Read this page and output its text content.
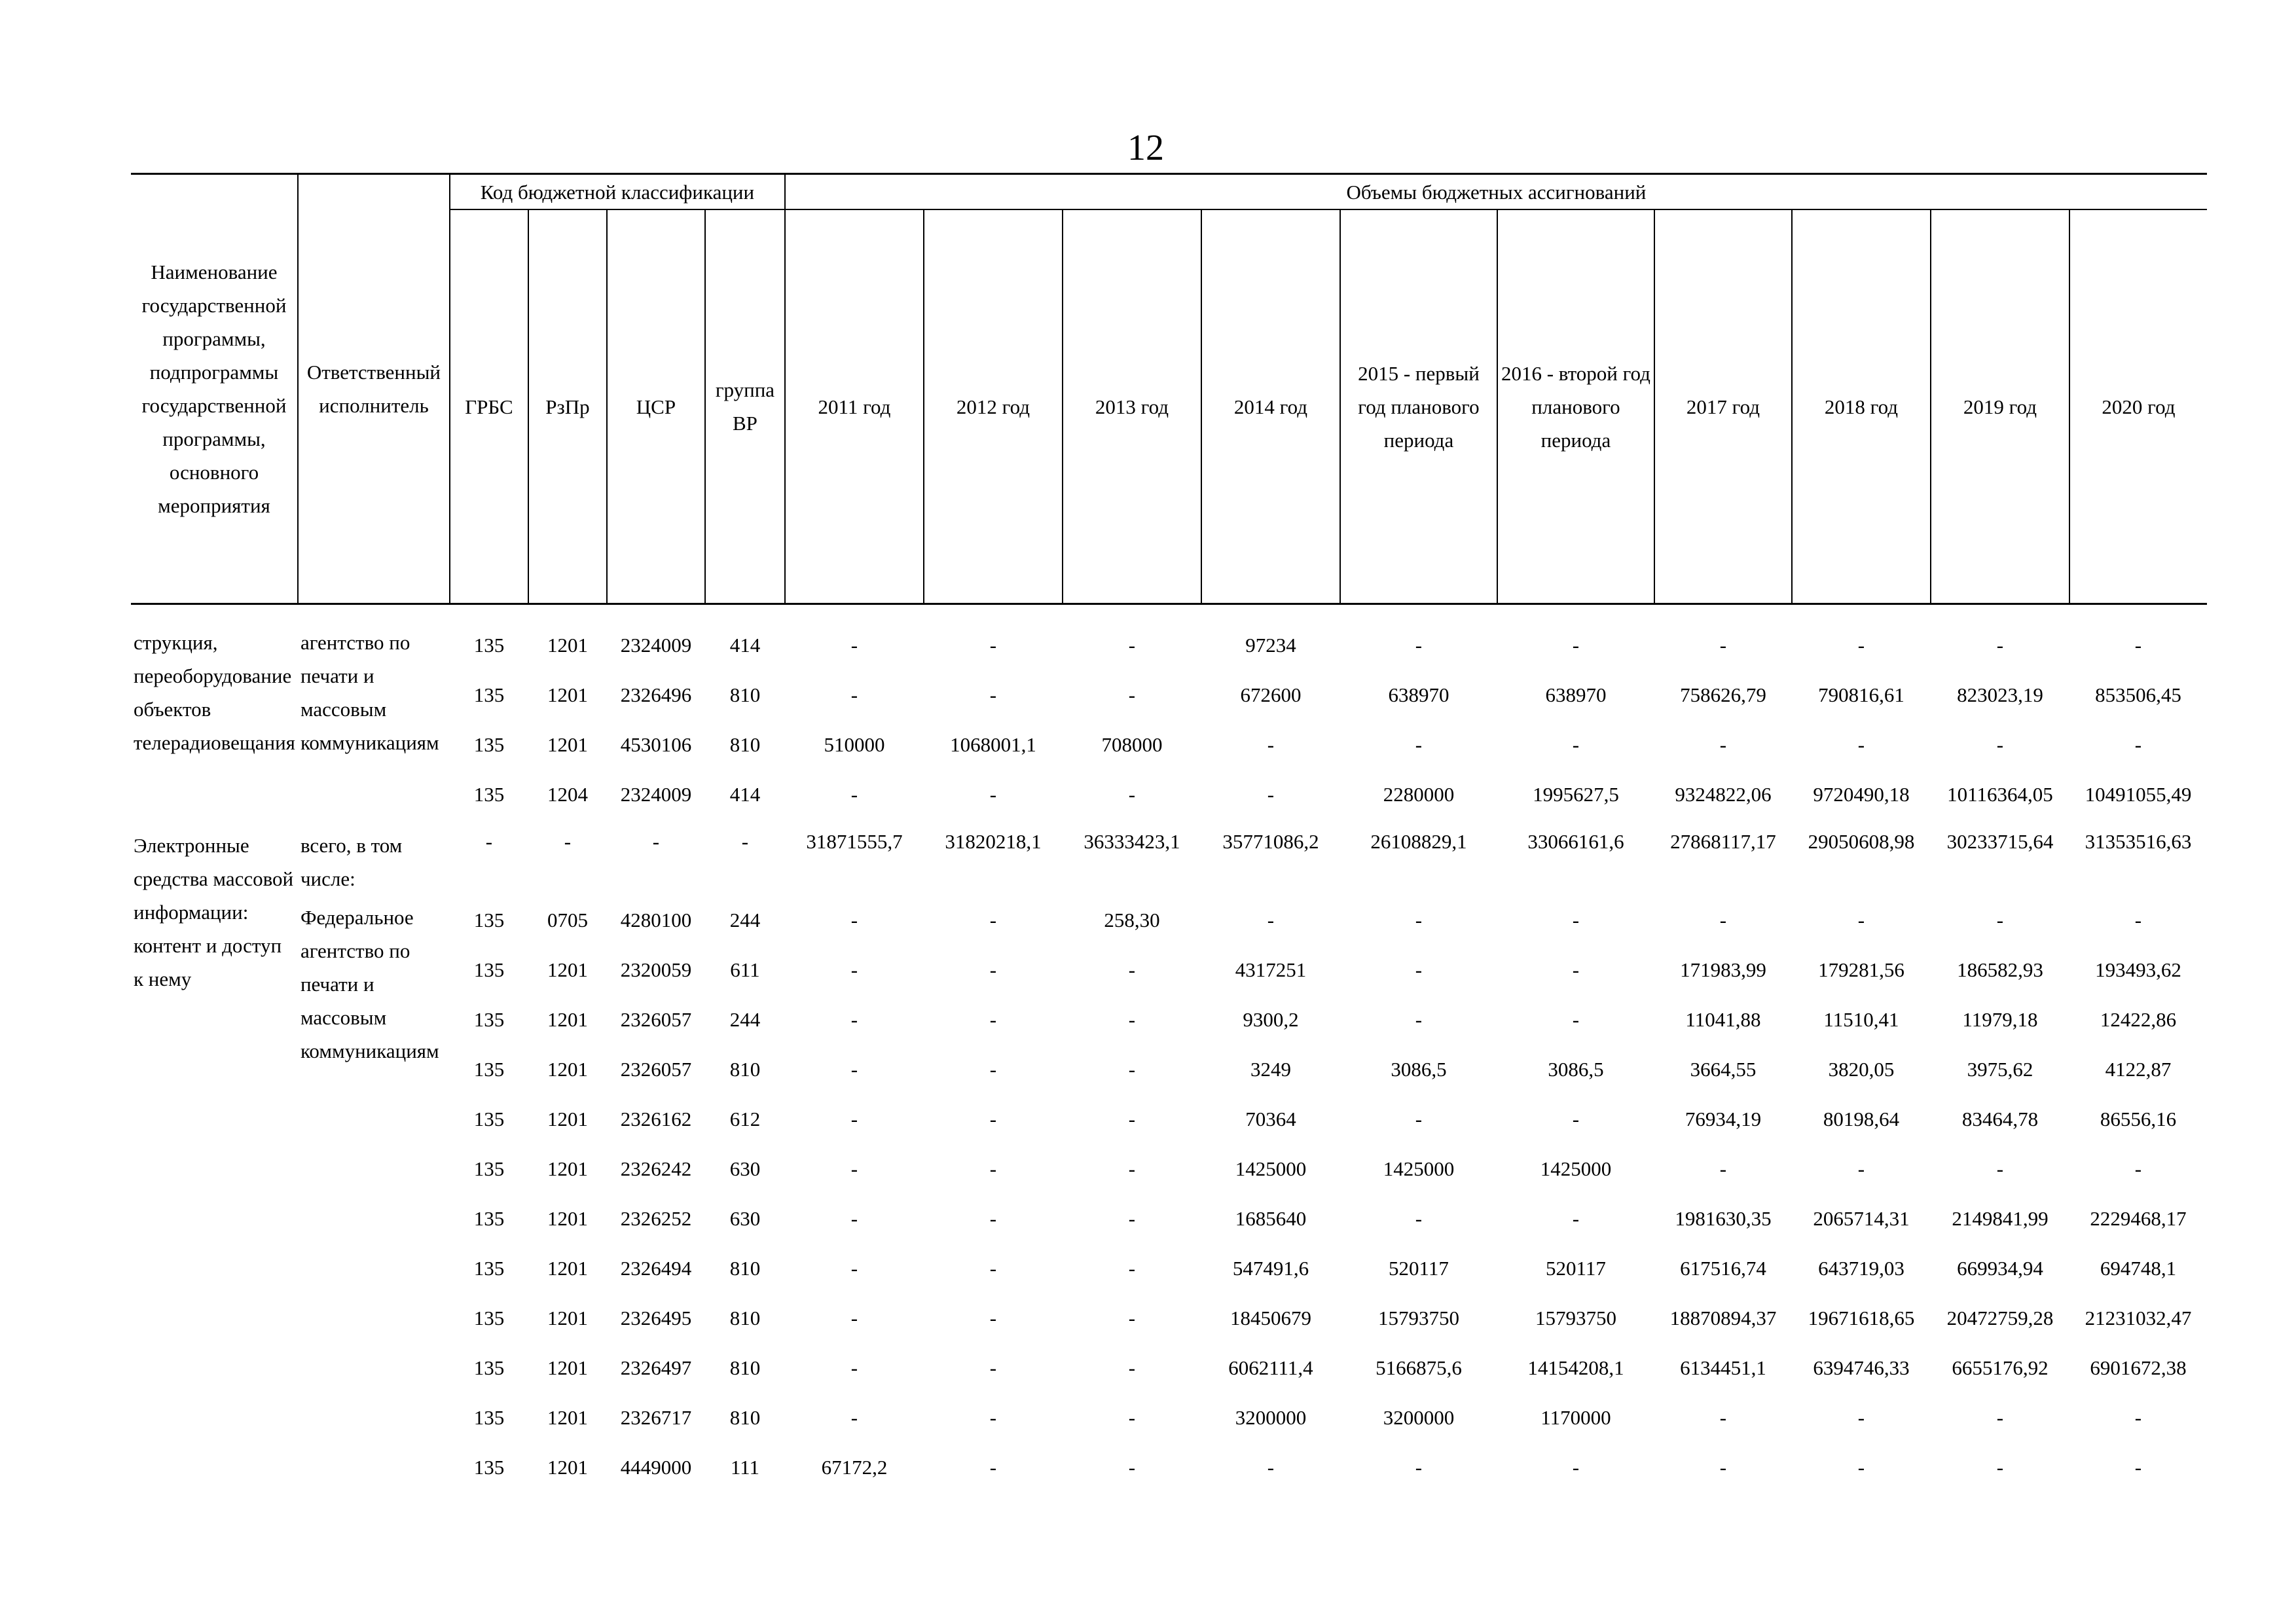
12
Наименование государственной программы, подпрограммы государственной программы, основного мероприятия	Ответственный исполнитель	Код бюджетной классификации				Объемы бюджетных ассигнований									
		ГРБС	РзПр	ЦСР	группа ВР	2011 год	2012 год	2013 год	2014 год	2015 - первый год планового периода	2016 - второй год планового периода	2017 год	2018 год	2019 год	2020 год

струкция, переоборудование объектов телерадиовещания	агентство по печати и массовым коммуникациям	135	1201	2324009	414	-	-	-	97234	-	-	-	-	-	-
		135	1201	2326496	810	-	-	-	672600	638970	638970	758626,79	790816,61	823023,19	853506,45
		135	1201	4530106	810	510000	1068001,1	708000	-	-	-	-	-	-	-
		135	1204	2324009	414	-	-	-	-	2280000	1995627,5	9324822,06	9720490,18	10116364,05	10491055,49
Электронные средства массовой информации: контент и доступ к нему	всего, в том числе:	-	-	-	-	31871555,7	31820218,1	36333423,1	35771086,2	26108829,1	33066161,6	27868117,17	29050608,98	30233715,64	31353516,63
	Федеральное агентство по печати и массовым коммуникациям	135	0705	4280100	244	-	-	258,30	-	-	-	-	-	-	-
		135	1201	2320059	611	-	-	-	4317251	-	-	171983,99	179281,56	186582,93	193493,62
		135	1201	2326057	244	-	-	-	9300,2	-	-	11041,88	11510,41	11979,18	12422,86
		135	1201	2326057	810	-	-	-	3249	3086,5	3086,5	3664,55	3820,05	3975,62	4122,87
		135	1201	2326162	612	-	-	-	70364	-	-	76934,19	80198,64	83464,78	86556,16
		135	1201	2326242	630	-	-	-	1425000	1425000	1425000	-	-	-	-
		135	1201	2326252	630	-	-	-	1685640	-	-	1981630,35	2065714,31	2149841,99	2229468,17
		135	1201	2326494	810	-	-	-	547491,6	520117	520117	617516,74	643719,03	669934,94	694748,1
		135	1201	2326495	810	-	-	-	18450679	15793750	15793750	18870894,37	19671618,65	20472759,28	21231032,47
		135	1201	2326497	810	-	-	-	6062111,4	5166875,6	14154208,1	6134451,1	6394746,33	6655176,92	6901672,38
		135	1201	2326717	810	-	-	-	3200000	3200000	1170000	-	-	-	-
		135	1201	4449000	111	67172,2	-	-	-	-	-	-	-	-	-
